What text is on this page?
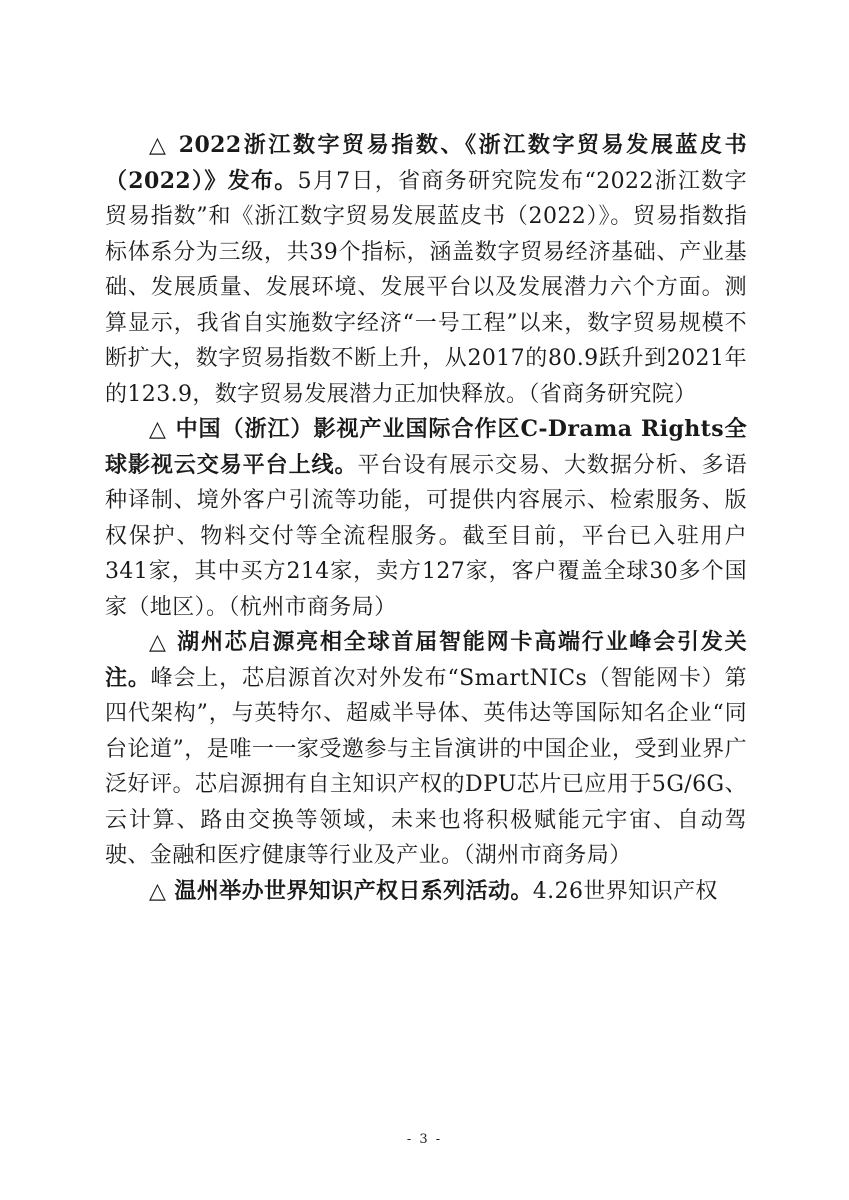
△ 2022浙江数字贸易指数、《浙江数字贸易发展蓝皮书（2022）》发布。5月7日，省商务研究院发布“2022浙江数字贸易指数”和《浙江数字贸易发展蓝皮书（2022）》。贸易指数指标体系分为三级，共39个指标，涵盖数字贸易经济基础、产业基础、发展质量、发展环境、发展平台以及发展潜力六个方面。测算显示，我省自实施数字经济“一号工程”以来，数字贸易规模不断扩大，数字贸易指数不断上升，从2017的80.9跃升到2021年的123.9，数字贸易发展潜力正加快释放。（省商务研究院）

△ 中国（浙江）影视产业国际合作区C-Drama Rights全球影视云交易平台上线。平台设有展示交易、大数据分析、多语种译制、境外客户引流等功能，可提供内容展示、检索服务、版权保护、物料交付等全流程服务。截至目前，平台已入驻用户341家，其中买方214家，卖方127家，客户覆盖全球30多个国家（地区）。（杭州市商务局）

△ 湖州芯启源亮相全球首届智能网卡高端行业峰会引发关注。峰会上，芯启源首次对外发布“SmartNICs（智能网卡）第四代架构”，与英特尔、超威半导体、英伟达等国际知名企业“同台论道”，是唯一一家受邀参与主旨演讲的中国企业，受到业界广泛好评。芯启源拥有自主知识产权的DPU芯片已应用于5G/6G、云计算、路由交换等领域，未来也将积极赋能元宇宙、自动驾驶、金融和医疗健康等行业及产业。（湖州市商务局）

△ 温州举办世界知识产权日系列活动。4.26世界知识产权

- 3 -
